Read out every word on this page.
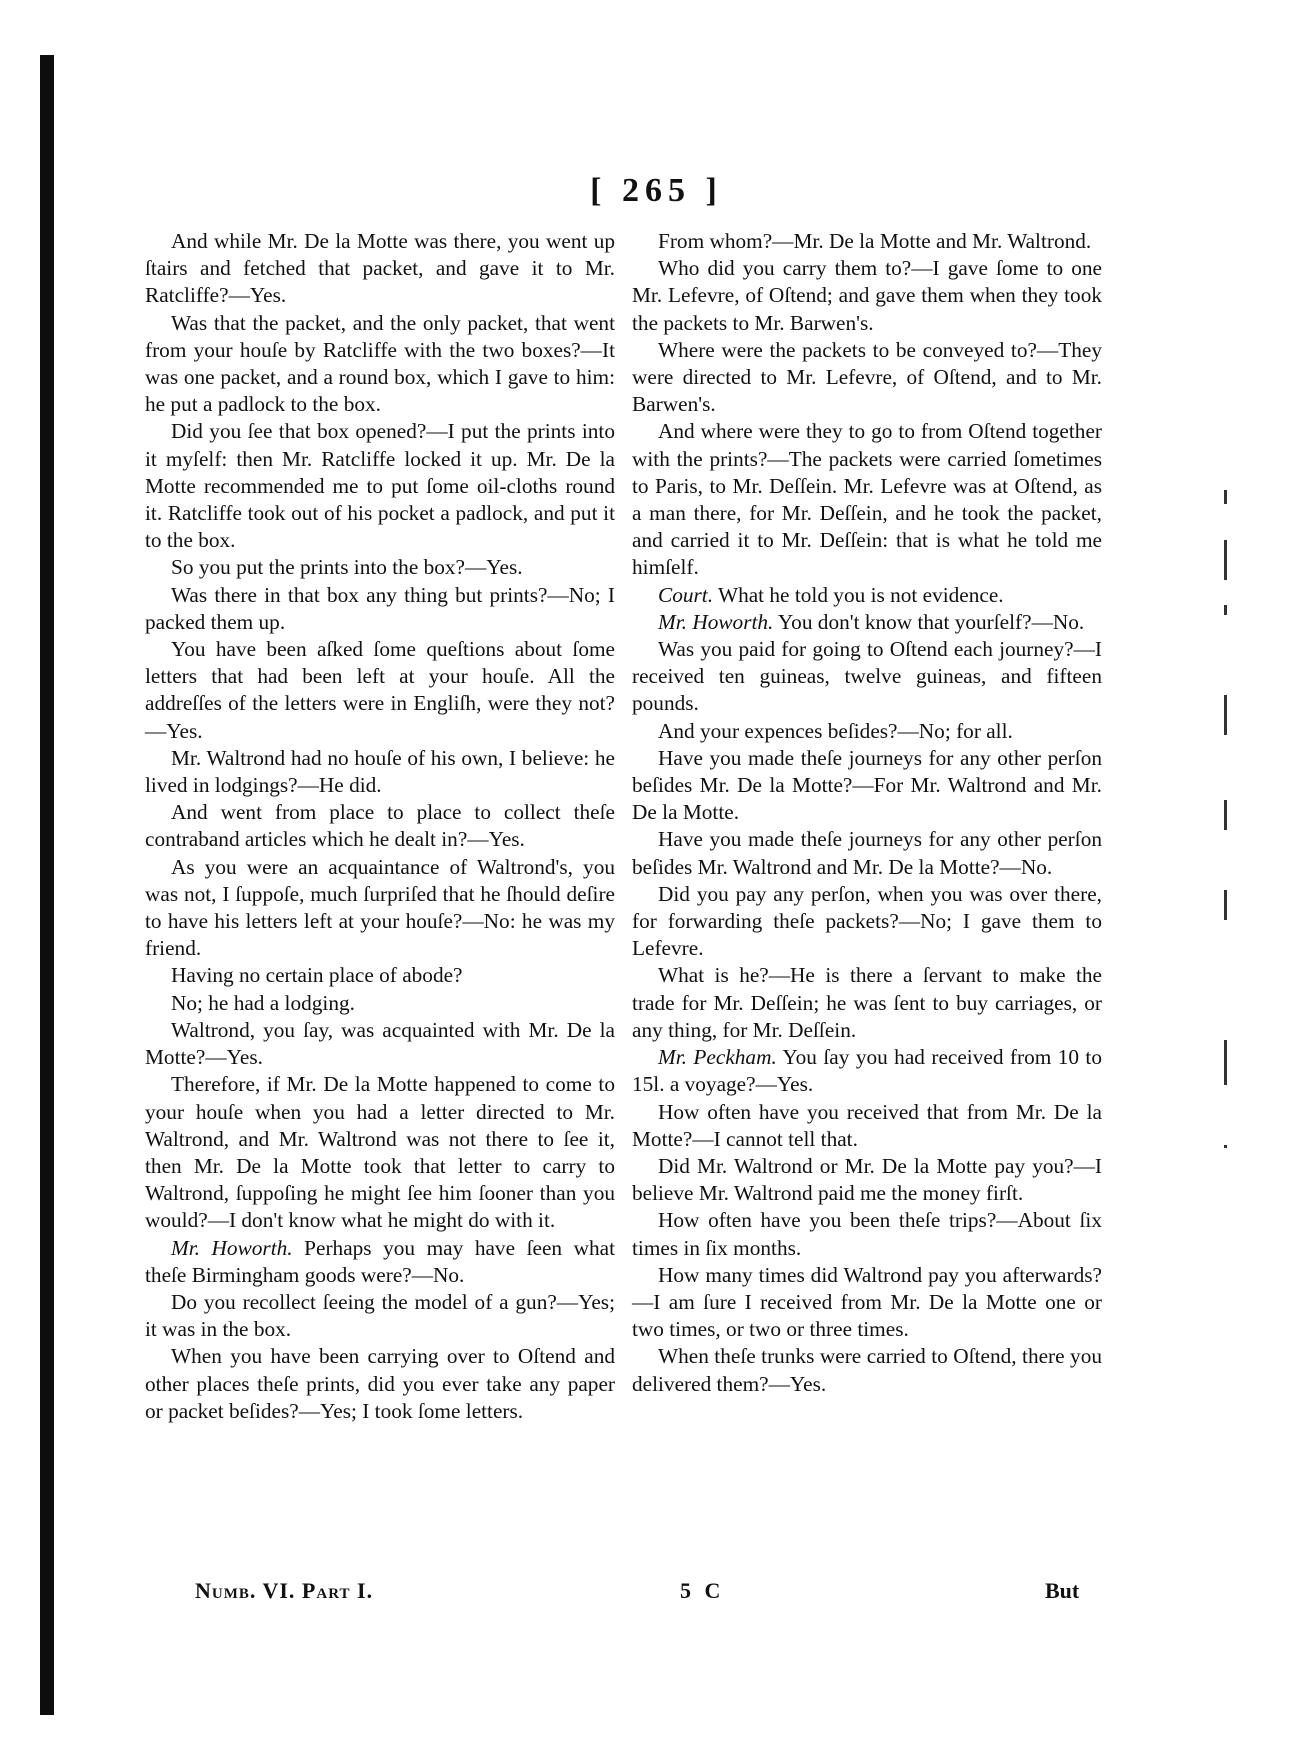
[ 265 ]

And while Mr. De la Motte was there, you went up ſtairs and fetched that packet, and gave it to Mr. Ratcliffe?—Yes.

Was that the packet, and the only packet, that went from your houſe by Ratcliffe with the two boxes?—It was one packet, and a round box, which I gave to him: he put a padlock to the box.

Did you ſee that box opened?—I put the prints into it myſelf: then Mr. Ratcliffe locked it up. Mr. De la Motte recommended me to put ſome oil-cloths round it. Ratcliffe took out of his pocket a padlock, and put it to the box.

So you put the prints into the box?—Yes.

Was there in that box any thing but prints?—No; I packed them up.

You have been aſked ſome queſtions about ſome letters that had been left at your houſe. All the addreſſes of the letters were in Engliſh, were they not?—Yes.

Mr. Waltrond had no houſe of his own, I believe: he lived in lodgings?—He did.

And went from place to place to collect theſe contraband articles which he dealt in?—Yes.

As you were an acquaintance of Waltrond's, you was not, I ſuppoſe, much ſurpriſed that he ſhould deſire to have his letters left at your houſe?—No: he was my friend.

Having no certain place of abode?

No; he had a lodging.

Waltrond, you ſay, was acquainted with Mr. De la Motte?—Yes.

Therefore, if Mr. De la Motte happened to come to your houſe when you had a letter directed to Mr. Waltrond, and Mr. Waltrond was not there to ſee it, then Mr. De la Motte took that letter to carry to Waltrond, ſuppoſing he might ſee him ſooner than you would?—I don't know what he might do with it.

Mr. Howorth. Perhaps you may have ſeen what theſe Birmingham goods were?—No.

Do you recollect ſeeing the model of a gun?—Yes; it was in the box.

When you have been carrying over to Oſtend and other places theſe prints, did you ever take any paper or packet beſides?—Yes; I took ſome letters.

From whom?—Mr. De la Motte and Mr. Waltrond.

Who did you carry them to?—I gave ſome to one Mr. Lefevre, of Oſtend; and gave them when they took the packets to Mr. Barwen's.

Where were the packets to be conveyed to?—They were directed to Mr. Lefevre, of Oſtend, and to Mr. Barwen's.

And where were they to go to from Oſtend together with the prints?—The packets were carried ſometimes to Paris, to Mr. Deſſein. Mr. Lefevre was at Oſtend, as a man there, for Mr. Deſſein, and he took the packet, and carried it to Mr. Deſſein: that is what he told me himſelf.

Court. What he told you is not evidence.

Mr. Howorth. You don't know that yourſelf?—No.

Was you paid for going to Oſtend each journey?—I received ten guineas, twelve guineas, and fifteen pounds.

And your expences beſides?—No; for all.

Have you made theſe journeys for any other perſon beſides Mr. De la Motte?—For Mr. Waltrond and Mr. De la Motte.

Have you made theſe journeys for any other perſon beſides Mr. Waltrond and Mr. De la Motte?—No.

Did you pay any perſon, when you was over there, for forwarding theſe packets?—No; I gave them to Lefevre.

What is he?—He is there a ſervant to make the trade for Mr. Deſſein; he was ſent to buy carriages, or any thing, for Mr. Deſſein.

Mr. Peckham. You ſay you had received from 10 to 15l. a voyage?—Yes.

How often have you received that from Mr. De la Motte?—I cannot tell that.

Did Mr. Waltrond or Mr. De la Motte pay you?—I believe Mr. Waltrond paid me the money firſt.

How often have you been theſe trips?—About ſix times in ſix months.

How many times did Waltrond pay you afterwards?—I am ſure I received from Mr. De la Motte one or two times, or two or three times.

When theſe trunks were carried to Oſtend, there you delivered them?—Yes.

Numb. VI. Part I.	5 C	But
